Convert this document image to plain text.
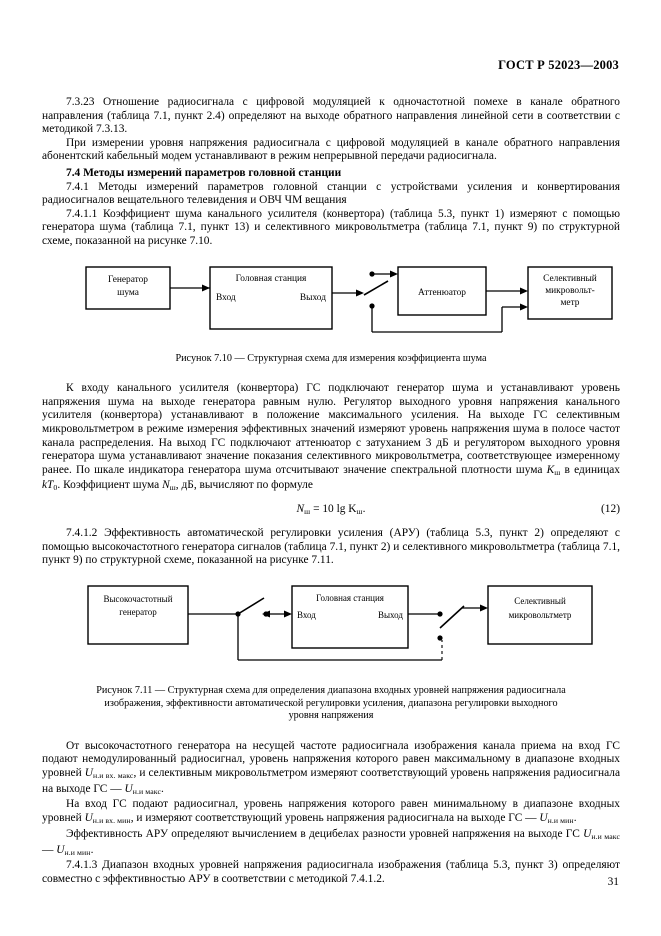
ГОСТ Р 52023—2003

7.3.23 Отношение радиосигнала с цифровой модуляцией к одночастотной помехе в канале обратного направления (таблица 7.1, пункт 2.4) определяют на выходе обратного направления линейной сети в соответствии с методикой 7.3.13.

При измерении уровня напряжения радиосигнала с цифровой модуляцией в канале обратного направления абонентский кабельный модем устанавливают в режим непрерывной передачи радиосигнала.

7.4 Методы измерений параметров головной станции

7.4.1 Методы измерений параметров головной станции с устройствами усиления и конвертирования радиосигналов вещательного телевидения и ОВЧ ЧМ вещания

7.4.1.1 Коэффициент шума канального усилителя (конвертора) (таблица 5.3, пункт 1) измеряют с помощью генератора шума (таблица 7.1, пункт 13) и селективного микровольтметра (таблица 7.1, пункт 9) по структурной схеме, показанной на рисунке 7.10.

Генератор
шума
Головная станция
Вход	Выход	Аттенюатор
Селективный
микровольт-
метр

Рисунок 7.10 — Структурная схема для измерения коэффициента шума

К входу канального усилителя (конвертора) ГС подключают генератор шума и устанавливают уровень напряжения шума на выходе генератора равным нулю. Регулятор выходного уровня напряжения канального усилителя (конвертора) устанавливают в положение максимального усиления. На выходе ГС селективным микровольтметром в режиме измерения эффективных значений измеряют уровень напряжения шума в полосе частот канала распределения. На выход ГС подключают аттенюатор с затуханием 3 дБ и регулятором выходного уровня генератора шума устанавливают значение показания селективного микровольтметра, соответствующее измеренному ранее. По шкале индикатора генератора шума отсчитывают значение спектральной плотности шума $K_ш$ в единицах $kT_0$. Коэффициент шума $N_ш$, дБ, вычисляют по формуле

$N_ш = 10$ $\lg K_ш$.	(12)

7.4.1.2 Эффективность автоматической регулировки усиления (АРУ) (таблица 5.3, пункт 2) определяют с помощью высокочастотного генератора сигналов (таблица 7.1, пункт 2) и селективного микровольтметра (таблица 7.1, пункт 9) по структурной схеме, показанной на рисунке 7.11.

Высокочастотный
генератор
Головная станция
Вход	Выход
Селективный
микровольтметр

Рисунок 7.11 — Структурная схема для определения диапазона входных уровней напряжения радиосигнала

изображения, эффективности автоматической регулировки усиления, диапазона регулировки выходного

уровня напряжения

От высокочастотного генератора на несущей частоте радиосигнала изображения канала приема на вход ГС подают немодулированный радиосигнал, уровень напряжения которого равен максимальному в диапазоне входных уровней $U_{н.и вх. макс}$, и селективным микровольтметром измеряют соответствующий уровень напряжения радиосигнала на выходе ГС — $U_{н.и макс}$.

На вход ГС подают радиосигнал, уровень напряжения которого равен минимальному в диапазоне входных уровней $U_{н.и вх. мин}$, и измеряют соответствующий уровень напряжения радиосигнала на выходе ГС — $U_{н.и мин}$.

Эффективность АРУ определяют вычислением в децибелах разности уровней напряжения на выходе ГС $U_{н.и макс}$ — $U_{н.и мин}$.

7.4.1.3 Диапазон входных уровней напряжения радиосигнала изображения (таблица 5.3, пункт 3) определяют совместно с эффективностью АРУ в соответствии с методикой 7.4.1.2.	31
